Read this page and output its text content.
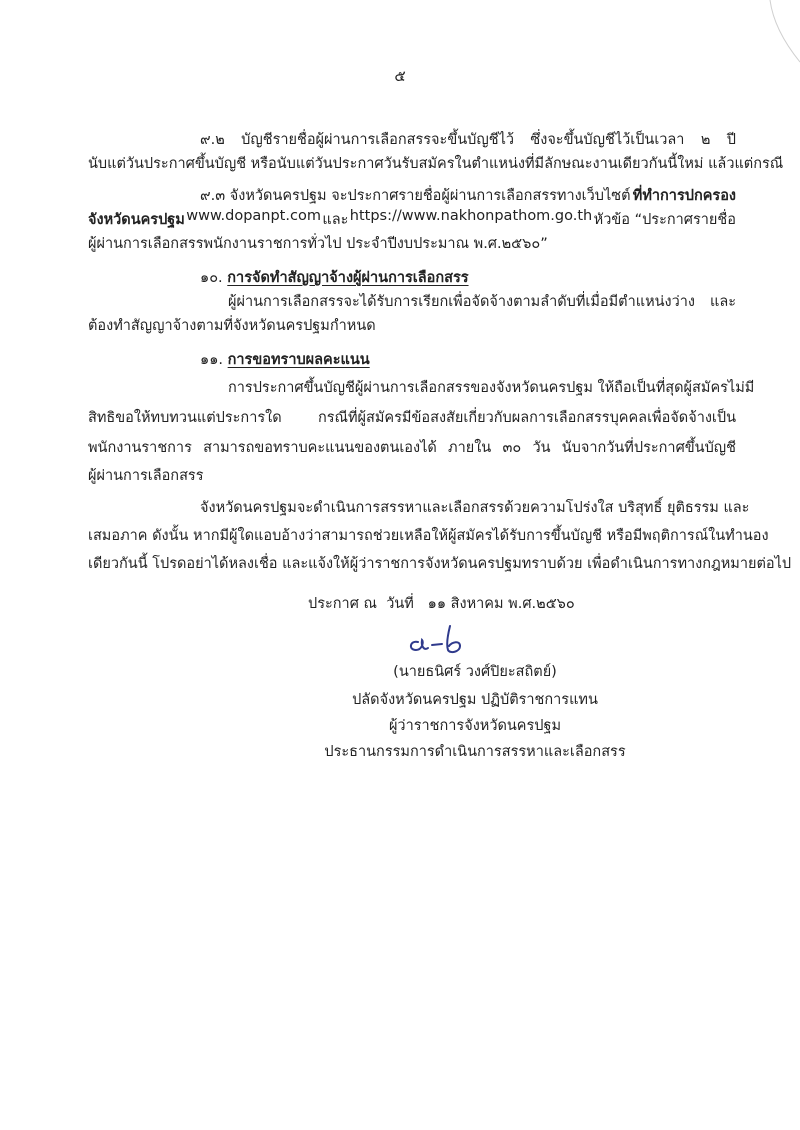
๕
๙.๒ บัญชีรายชื่อผู้ผ่านการเลือกสรรจะขึ้นบัญชีไว้ ซึ่งจะขึ้นบัญชีไว้เป็นเวลา ๒ ปี
นับแต่วันประกาศขึ้นบัญชี หรือนับแต่วันประกาศวันรับสมัครในตำแหน่งที่มีลักษณะงานเดียวกันนี้ใหม่ แล้วแต่กรณี
๙.๓ จังหวัดนครปฐม จะประกาศรายชื่อผู้ผ่านการเลือกสรรทางเว็บไซต์ ที่ทำการปกครอง
จังหวัดนครปฐม www.dopanpt.com และ https://www.nakhonpathom.go.th หัวข้อ “ประกาศรายชื่อ
ผู้ผ่านการเลือกสรรพนักงานราชการทั่วไป ประจำปีงบประมาณ พ.ศ.๒๕๖๐”
๑๐. การจัดทำสัญญาจ้างผู้ผ่านการเลือกสรร
ผู้ผ่านการเลือกสรรจะได้รับการเรียกเพื่อจัดจ้างตามลำดับที่เมื่อมีตำแหน่งว่าง และ
ต้องทำสัญญาจ้างตามที่จังหวัดนครปฐมกำหนด
๑๑. การขอทราบผลคะแนน
การประกาศขึ้นบัญชีผู้ผ่านการเลือกสรรของจังหวัดนครปฐม ให้ถือเป็นที่สุดผู้สมัครไม่มี
สิทธิขอให้ทบทวนแต่ประการใด กรณีที่ผู้สมัครมีข้อสงสัยเกี่ยวกับผลการเลือกสรรบุคคลเพื่อจัดจ้างเป็น
พนักงานราชการ สามารถขอทราบคะแนนของตนเองได้ ภายใน ๓๐ วัน นับจากวันที่ประกาศขึ้นบัญชี
ผู้ผ่านการเลือกสรร
จังหวัดนครปฐมจะดำเนินการสรรหาและเลือกสรรด้วยความโปร่งใส บริสุทธิ์ ยุติธรรม และ
เสมอภาค ดังนั้น หากมีผู้ใดแอบอ้างว่าสามารถช่วยเหลือให้ผู้สมัครได้รับการขึ้นบัญชี หรือมีพฤติการณ์ในทำนอง
เดียวกันนี้ โปรดอย่าได้หลงเชื่อ และแจ้งให้ผู้ว่าราชการจังหวัดนครปฐมทราบด้วย เพื่อดำเนินการทางกฎหมายต่อไป
ประกาศ ณ วันที่ ๑๑ สิงหาคม พ.ศ.๒๕๖๐
(นายธนิศร์ วงศ์ปิยะสถิตย์)
ปลัดจังหวัดนครปฐม ปฏิบัติราชการแทน
ผู้ว่าราชการจังหวัดนครปฐม
ประธานกรรมการดำเนินการสรรหาและเลือกสรร
